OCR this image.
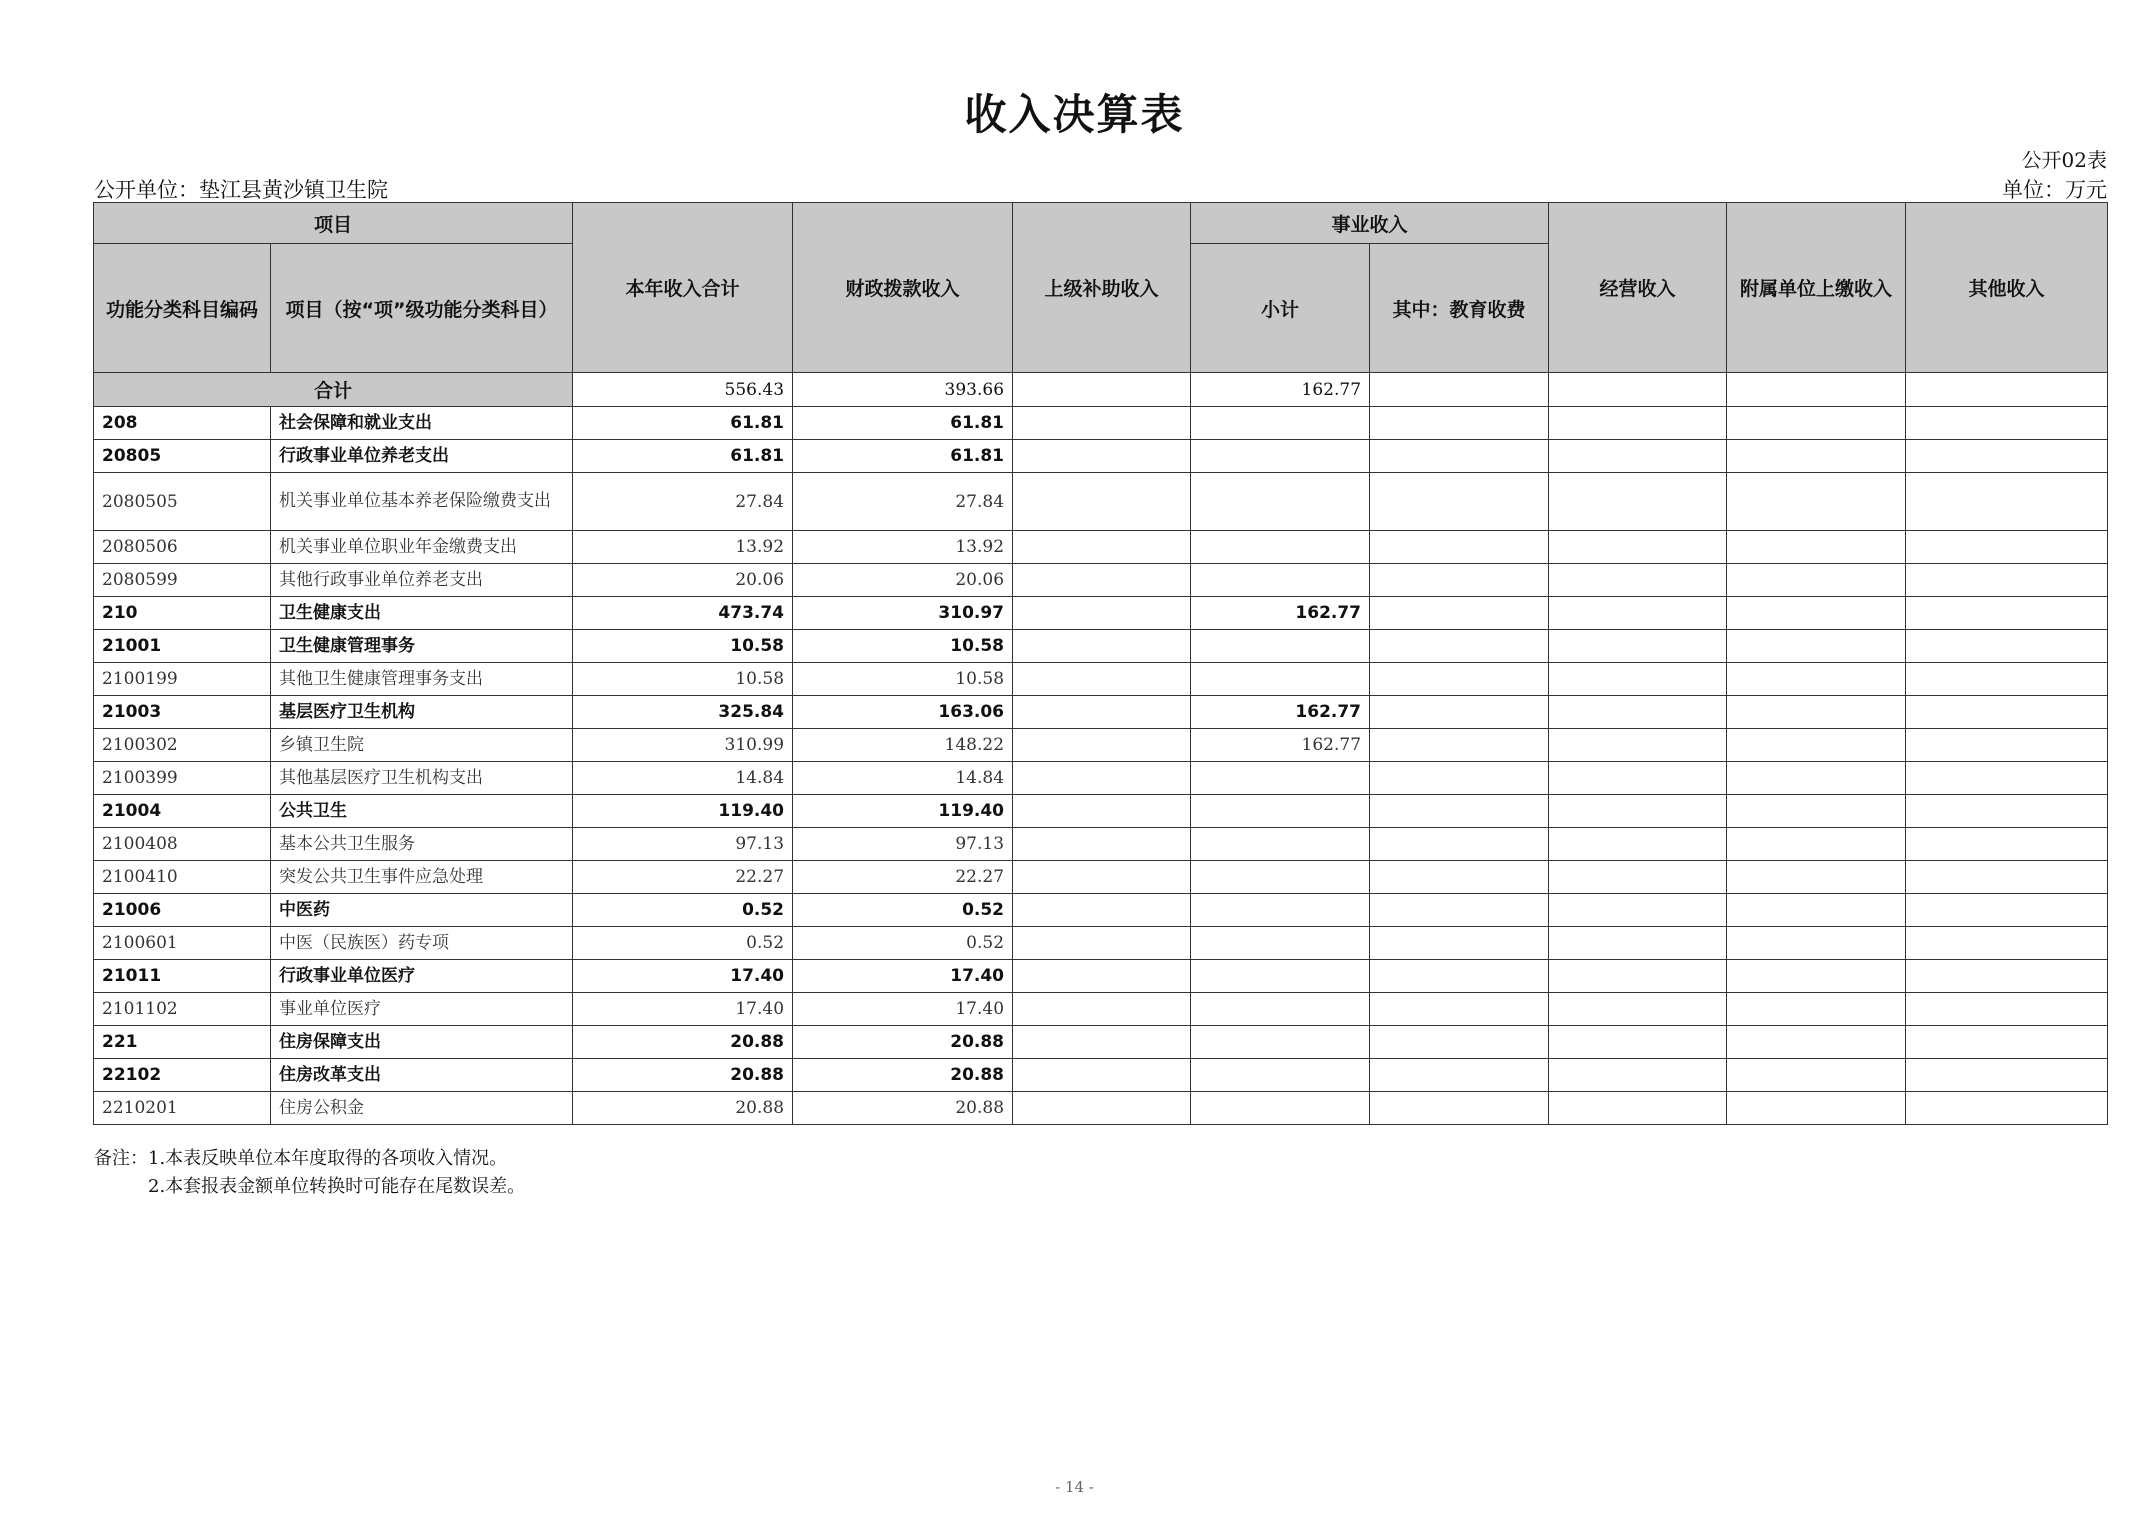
收入决算表
公开02表
公开单位：垫江县黄沙镇卫生院	单位：万元
项目		本年收入合计	财政拨款收入	上级补助收入	事业收入		经营收入	附属单位上缴收入	其他收入
功能分类科目编码	项目（按“项”级功能分类科目）				小计	其中：教育收费			
合计		556.43	393.66		162.77				
208	社会保障和就业支出	61.81	61.81						
20805	行政事业单位养老支出	61.81	61.81						
2080505	机关事业单位基本养老保险缴费支出	27.84	27.84						
2080506	机关事业单位职业年金缴费支出	13.92	13.92						
2080599	其他行政事业单位养老支出	20.06	20.06						
210	卫生健康支出	473.74	310.97		162.77				
21001	卫生健康管理事务	10.58	10.58						
2100199	其他卫生健康管理事务支出	10.58	10.58						
21003	基层医疗卫生机构	325.84	163.06		162.77				
2100302	乡镇卫生院	310.99	148.22		162.77				
2100399	其他基层医疗卫生机构支出	14.84	14.84						
21004	公共卫生	119.40	119.40						
2100408	基本公共卫生服务	97.13	97.13						
2100410	突发公共卫生事件应急处理	22.27	22.27						
21006	中医药	0.52	0.52						
2100601	中医（民族医）药专项	0.52	0.52						
21011	行政事业单位医疗	17.40	17.40						
2101102	事业单位医疗	17.40	17.40						
221	住房保障支出	20.88	20.88						
22102	住房改革支出	20.88	20.88						
2210201	住房公积金	20.88	20.88						
备注：1.本表反映单位本年度取得的各项收入情况。
2.本套报表金额单位转换时可能存在尾数误差。
- 14 -
